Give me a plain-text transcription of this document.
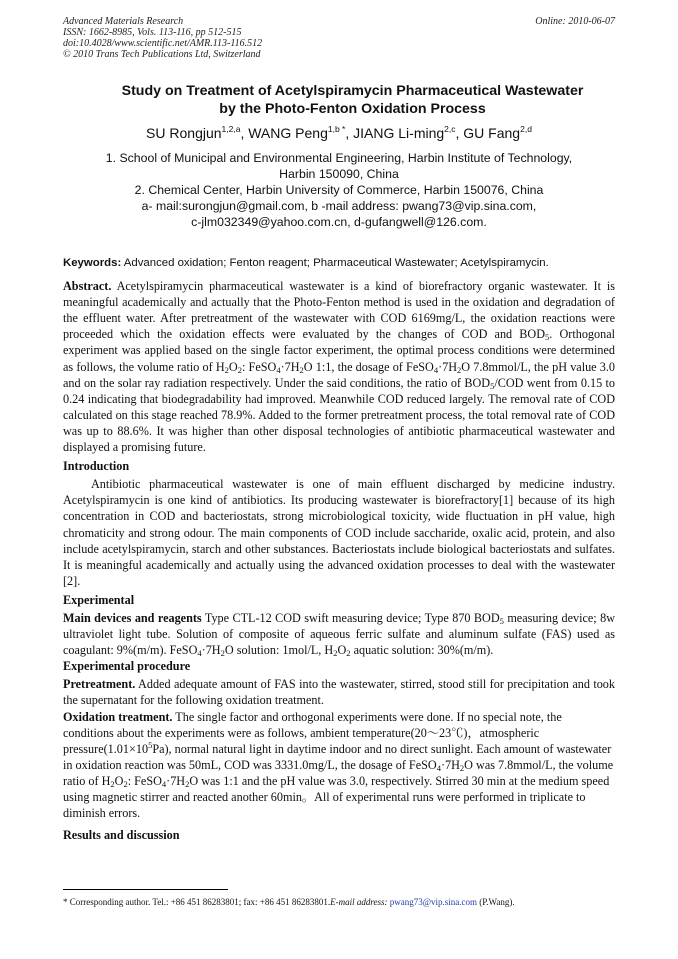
Advanced Materials Research
ISSN: 1662-8985, Vols. 113-116, pp 512-515
doi:10.4028/www.scientific.net/AMR.113-116.512
© 2010 Trans Tech Publications Ltd, Switzerland
Online: 2010-06-07
Study on Treatment of Acetylspiramycin Pharmaceutical Wastewater
by the Photo-Fenton Oxidation Process
SU Rongjun$^{1,2,a}$, WANG Peng$^{1,b *}$, JIANG Li-ming$^{2,c}$, GU Fang$^{2,d}$
1. School of Municipal and Environmental Engineering, Harbin Institute of Technology,
Harbin 150090, China
2. Chemical Center, Harbin University of Commerce, Harbin 150076, China
a- mail:surongjun@gmail.com, b -mail address: pwang73@vip.sina.com,
c-jlm032349@yahoo.com.cn, d-gufangwell@126.com.
Keywords: Advanced oxidation; Fenton reagent; Pharmaceutical Wastewater; Acetylspiramycin.

Abstract. Acetylspiramycin pharmaceutical wastewater is a kind of biorefractory organic wastewater. It is meaningful academically and actually that the Photo-Fenton method is used in the oxidation and degradation of the effluent water. After pretreatment of the wastewater with COD 6169mg/L, the oxidation reactions were proceeded which the oxidation effects were evaluated by the changes of COD and $BOD_5$. Orthogonal experiment was applied based on the single factor experiment, the optimal process conditions were determined as follows, the volume ratio of $H_2O_2$: $FeSO_4\cdot 7H_2O$ 1:1, the dosage of $FeSO_4\cdot 7H_2O$ 7.8mmol/L, the pH value 3.0 and on the solar ray radiation respectively. Under the said conditions, the ratio of $BOD_5$/COD went from 0.15 to 0.24 indicating that biodegradability had improved. Meanwhile COD reduced largely. The removal rate of COD calculated on this stage reached 78.9%. Added to the former pretreatment process, the total removal rate of COD was up to 88.6%. It was higher than other disposal technologies of antibiotic pharmaceutical wastewater and displayed a promising future.

Introduction

Antibiotic pharmaceutical wastewater is one of main effluent discharged by medicine industry. Acetylspiramycin is one kind of antibiotics. Its producing wastewater is biorefractory[1] because of its high concentration in COD and bacteriostats, strong microbiological toxicity, wide fluctuation in pH value, high chromaticity and strong odour. The main components of COD include saccharide, oxalic acid, protein, and also include acetylspiramycin, starch and other substances. Bacteriostats include biological bacteriostats and sulfates. It is meaningful academically and actually using the advanced oxidation processes to deal with the wastewater [2].

Experimental

Main devices and reagents Type CTL-12 COD swift measuring device; Type 870 $BOD_5$ measuring device; 8w ultraviolet light tube. Solution of composite of aqueous ferric sulfate and aluminum sulfate (FAS) used as coagulant: 9%(m/m). $FeSO_4\cdot 7H_2O$ solution: 1mol/L, $H_2O_2$ aquatic solution: 30%(m/m).

Experimental procedure

Pretreatment. Added adequate amount of FAS into the wastewater, stirred, stood still for precipitation and took the supernatant for the following oxidation treatment.

Oxidation treatment. The single factor and orthogonal experiments were done. If no special note, the conditions about the experiments were as follows, ambient temperature(20～23℃)，atmospheric $pressure(1.01\times 10^5Pa)$, normal natural light in daytime indoor and no direct sunlight. Each amount of wastewater in oxidation reaction was 50mL, COD was 3331.0mg/L, the dosage of $FeSO_4\cdot 7H_2O$ was 7.8mmol/L, the volume ratio of $H_2O_2$: $FeSO_4\cdot 7H_2O$ was 1:1 and the pH value was 3.0, respectively. Stirred 30 min at the medium speed using magnetic stirrer and reacted another 60min。All of experimental runs were performed in triplicate to diminish errors.

Results and discussion
* Corresponding author. Tel.: +86 451 86283801; fax: +86 451 86283801.E-mail address: pwang73@vip.sina.com (P.Wang).
